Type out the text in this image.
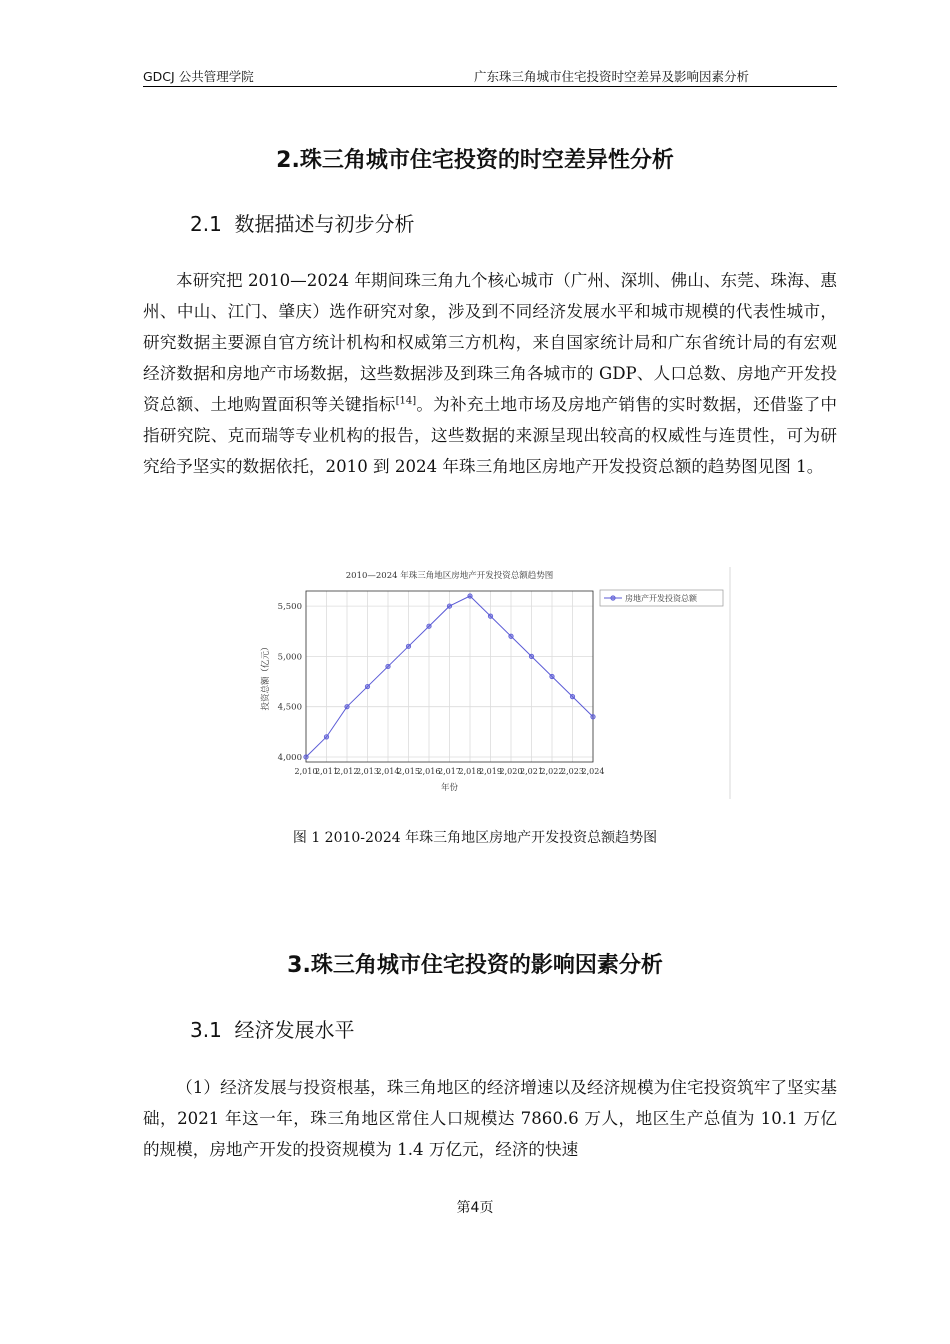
GDCJ 公共管理学院	广东珠三角城市住宅投资时空差异及影响因素分析
2.珠三角城市住宅投资的时空差异性分析
2.1 数据描述与初步分析

本研究把 2010—2024 年期间珠三角九个核心城市（广州、深圳、佛山、东莞、珠海、惠州、中山、江门、肇庆）选作研究对象，涉及到不同经济发展水平和城市规模的代表性城市，研究数据主要源自官方统计机构和权威第三方机构，来自国家统计局和广东省统计局的有宏观经济数据和房地产市场数据，这些数据涉及到珠三角各城市的 GDP、人口总数、房地产开发投资总额、土地购置面积等关键指标[14]。为补充土地市场及房地产销售的实时数据，还借鉴了中指研究院、克而瑞等专业机构的报告，这些数据的来源呈现出较高的权威性与连贯性，可为研究给予坚实的数据依托，2010 到 2024 年珠三角地区房地产开发投资总额的趋势图见图 1。

2010—2024 年珠三角地区房地产开发投资总额趋势图
4,000
4,500
5,000
5,500
2,010
2,011
2,012
2,013
2,014
2,015
2,016
2,017
2,018
2,019
2,020
2,021
2,022
2,023
2,024
年份
投资总额（亿元）
房地产开发投资总额
图 1 2010-2024 年珠三角地区房地产开发投资总额趋势图
3.珠三角城市住宅投资的影响因素分析
3.1 经济发展水平

（1）经济发展与投资根基，珠三角地区的经济增速以及经济规模为住宅投资筑牢了坚实基础，2021 年这一年，珠三角地区常住人口规模达 7860.6 万人，地区生产总值为 10.1 万亿的规模，房地产开发的投资规模为 1.4 万亿元，经济的快速

第4页
